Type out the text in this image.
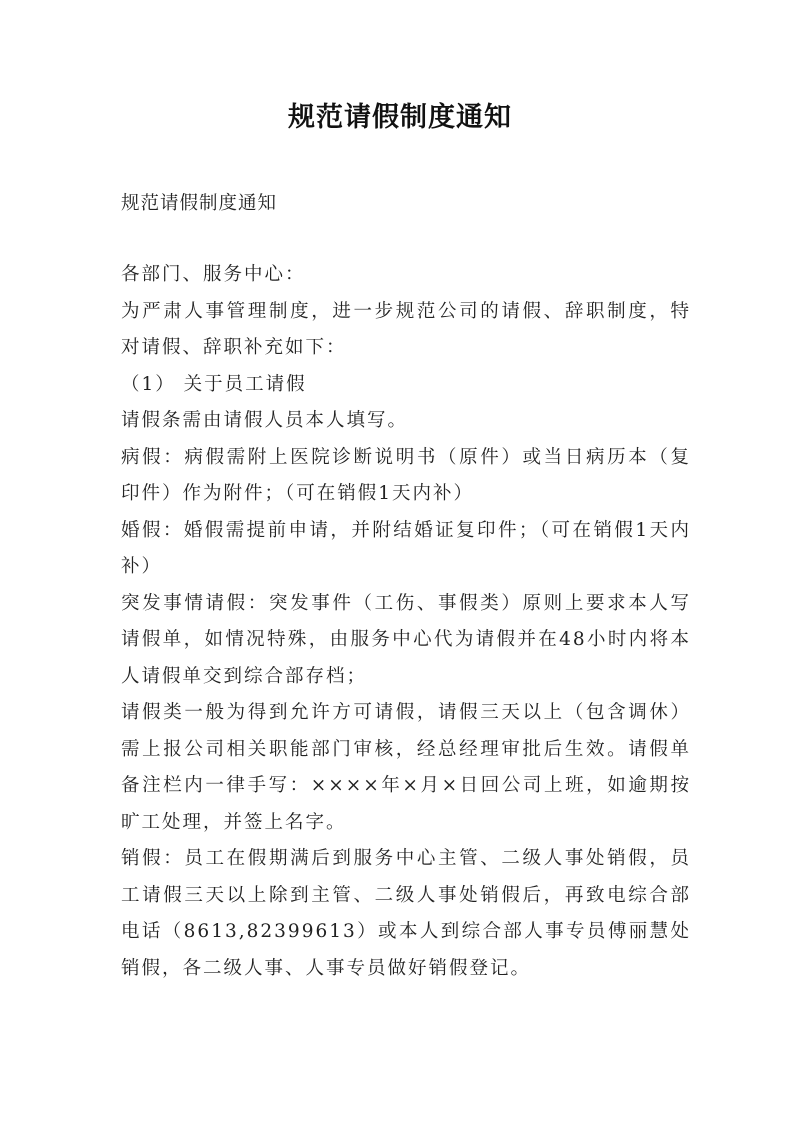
规范请假制度通知
规范请假制度通知

各部门、服务中心：

为严肃人事管理制度，进一步规范公司的请假、辞职制度，特对请假、辞职补充如下：

（1） 关于员工请假

请假条需由请假人员本人填写。

病假：病假需附上医院诊断说明书（原件）或当日病历本（复印件）作为附件；（可在销假1天内补）

婚假：婚假需提前申请，并附结婚证复印件；（可在销假1天内补）

突发事情请假：突发事件（工伤、事假类）原则上要求本人写请假单，如情况特殊，由服务中心代为请假并在48小时内将本人请假单交到综合部存档；

请假类一般为得到允许方可请假，请假三天以上（包含调休）需上报公司相关职能部门审核，经总经理审批后生效。请假单备注栏内一律手写：××××年×月×日回公司上班，如逾期按旷工处理，并签上名字。

销假：员工在假期满后到服务中心主管、二级人事处销假，员工请假三天以上除到主管、二级人事处销假后，再致电综合部电话（8613,82399613）或本人到综合部人事专员傅丽慧处销假，各二级人事、人事专员做好销假登记。
